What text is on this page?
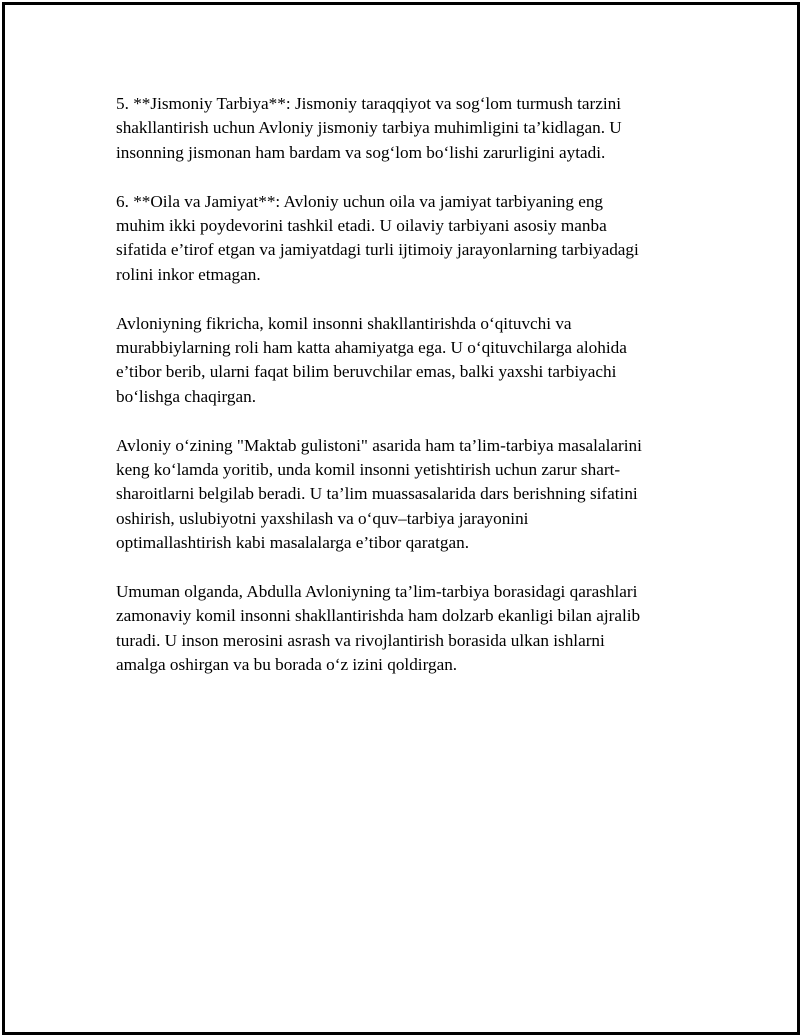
5. **Jismoniy Tarbiya**: Jismoniy taraqqiyot va sog‘lom turmush tarzini
shakllantirish uchun Avloniy jismoniy tarbiya muhimligini ta’kidlagan. U
insonning jismonan ham bardam va sog‘lom bo‘lishi zarurligini aytadi.

6. **Oila va Jamiyat**: Avloniy uchun oila va jamiyat tarbiyaning eng
muhim ikki poydevorini tashkil etadi. U oilaviy tarbiyani asosiy manba
sifatida e’tirof etgan va jamiyatdagi turli ijtimoiy jarayonlarning tarbiyadagi
rolini inkor etmagan.

Avloniyning fikricha, komil insonni shakllantirishda o‘qituvchi va
murabbiylarning roli ham katta ahamiyatga ega. U o‘qituvchilarga alohida
e’tibor berib, ularni faqat bilim beruvchilar emas, balki yaxshi tarbiyachi
bo‘lishga chaqirgan.

Avloniy o‘zining "Maktab gulistoni" asarida ham ta’lim-tarbiya masalalarini
keng ko‘lamda yoritib, unda komil insonni yetishtirish uchun zarur shart-
sharoitlarni belgilab beradi. U ta’lim muassasalarida dars berishning sifatini
oshirish, uslubiyotni yaxshilash va o‘quv–tarbiya jarayonini
optimallashtirish kabi masalalarga e’tibor qaratgan.

Umuman olganda, Abdulla Avloniyning ta’lim-tarbiya borasidagi qarashlari
zamonaviy komil insonni shakllantirishda ham dolzarb ekanligi bilan ajralib
turadi. U inson merosini asrash va rivojlantirish borasida ulkan ishlarni
amalga oshirgan va bu borada o‘z izini qoldirgan.
